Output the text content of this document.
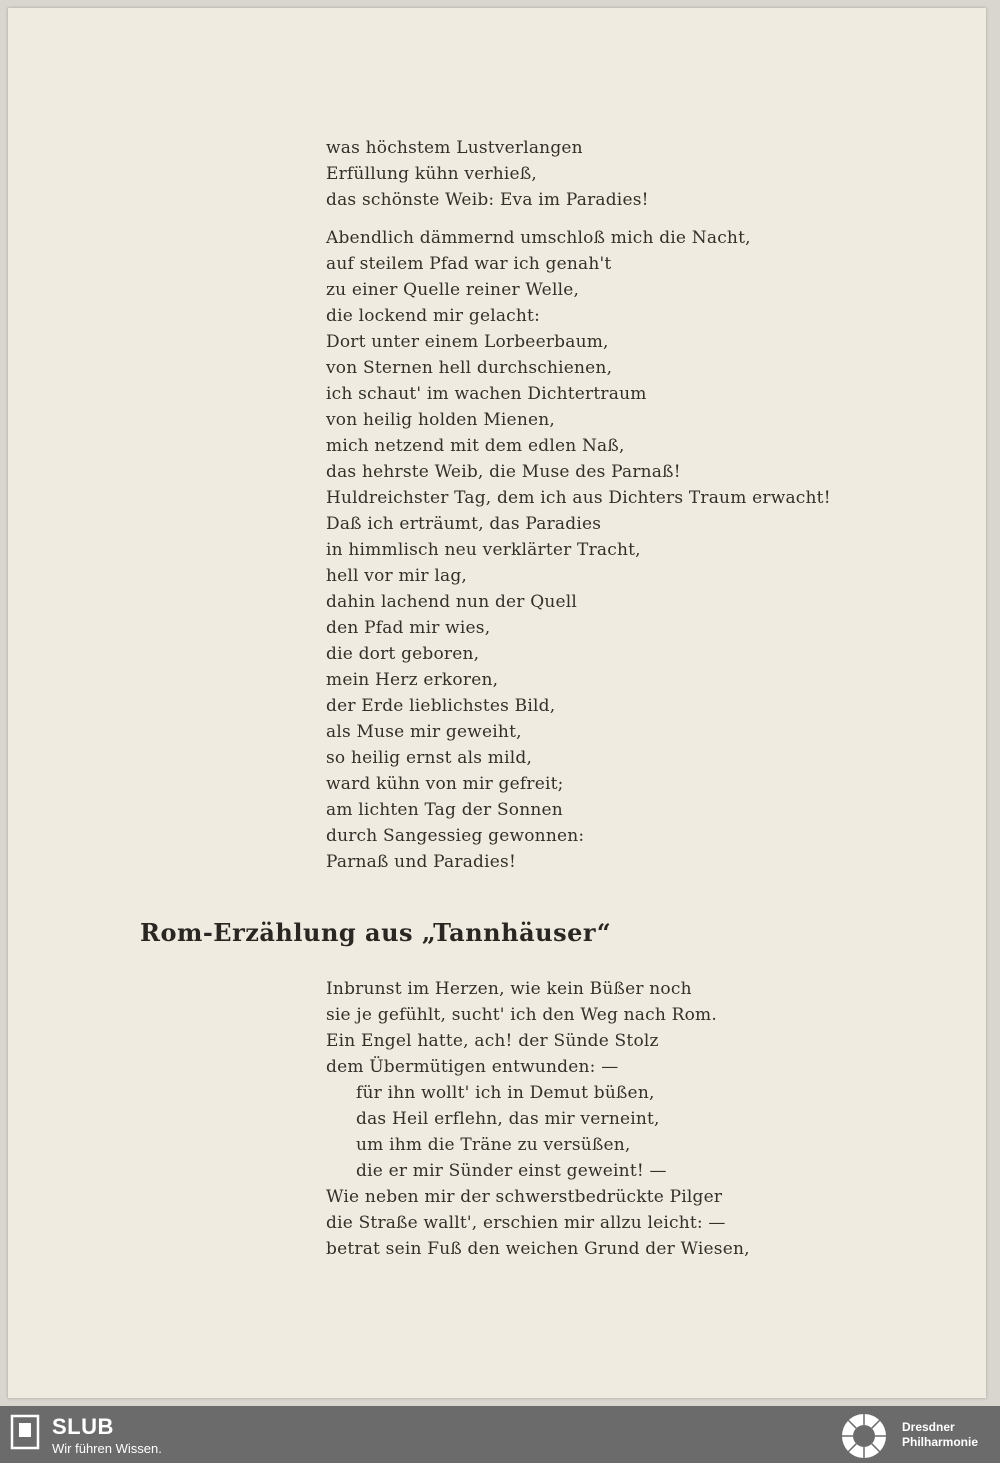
was höchstem Lustverlangen
Erfüllung kühn verhieß,
das schönste Weib: Eva im Paradies!
Abendlich dämmernd umschloß mich die Nacht,
auf steilem Pfad war ich genah't
zu einer Quelle reiner Welle,
die lockend mir gelacht:
Dort unter einem Lorbeerbaum,
von Sternen hell durchschienen,
ich schaut' im wachen Dichtertraum
von heilig holden Mienen,
mich netzend mit dem edlen Naß,
das hehrste Weib, die Muse des Parnaß!
Huldreichster Tag, dem ich aus Dichters Traum erwacht!
Daß ich erträumt, das Paradies
in himmlisch neu verklärter Tracht,
hell vor mir lag,
dahin lachend nun der Quell
den Pfad mir wies,
die dort geboren,
mein Herz erkoren,
der Erde lieblichstes Bild,
als Muse mir geweiht,
so heilig ernst als mild,
ward kühn von mir gefreit;
am lichten Tag der Sonnen
durch Sangessieg gewonnen:
Parnaß und Paradies!
Rom-Erzählung aus „Tannhäuser“
Inbrunst im Herzen, wie kein Büßer noch
sie je gefühlt, sucht' ich den Weg nach Rom.
Ein Engel hatte, ach! der Sünde Stolz
dem Übermütigen entwunden: —
für ihn wollt' ich in Demut büßen,
das Heil erflehn, das mir verneint,
um ihm die Träne zu versüßen,
die er mir Sünder einst geweint! —
Wie neben mir der schwerstbedrückte Pilger
die Straße wallt', erschien mir allzu leicht: —
betrat sein Fuß den weichen Grund der Wiesen,
SLUB
Wir führen Wissen.
Dresdner
Philharmonie
